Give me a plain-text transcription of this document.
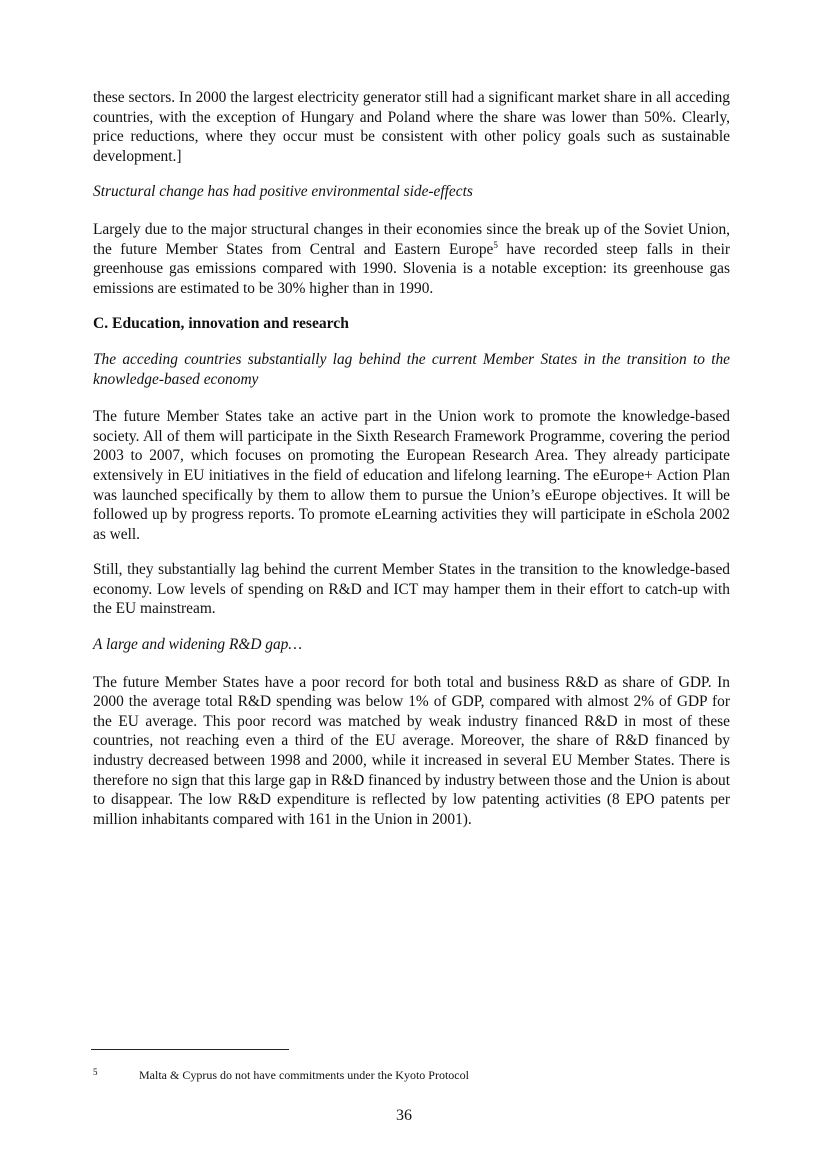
these sectors. In 2000 the largest electricity generator still had a significant market share in all acceding countries, with the exception of Hungary and Poland where the share was lower than 50%. Clearly, price reductions, where they occur must be consistent with other policy goals such as sustainable development.]

Structural change has had positive environmental side-effects

Largely due to the major structural changes in their economies since the break up of the Soviet Union, the future Member States from Central and Eastern Europe$^5$ have recorded steep falls in their greenhouse gas emissions compared with 1990. Slovenia is a notable exception: its greenhouse gas emissions are estimated to be 30% higher than in 1990.

C. Education, innovation and research

The acceding countries substantially lag behind the current Member States in the transition to the knowledge-based economy

The future Member States take an active part in the Union work to promote the knowledge-based society. All of them will participate in the Sixth Research Framework Programme, covering the period 2003 to 2007, which focuses on promoting the European Research Area. They already participate extensively in EU initiatives in the field of education and lifelong learning. The eEurope+ Action Plan was launched specifically by them to allow them to pursue the Union’s eEurope objectives. It will be followed up by progress reports. To promote eLearning activities they will participate in eSchola 2002 as well.

Still, they substantially lag behind the current Member States in the transition to the knowledge-based economy. Low levels of spending on R&D and ICT may hamper them in their effort to catch-up with the EU mainstream.

A large and widening R&D gap…

The future Member States have a poor record for both total and business R&D as share of GDP. In 2000 the average total R&D spending was below 1% of GDP, compared with almost 2% of GDP for the EU average. This poor record was matched by weak industry financed R&D in most of these countries, not reaching even a third of the EU average. Moreover, the share of R&D financed by industry decreased between 1998 and 2000, while it increased in several EU Member States. There is therefore no sign that this large gap in R&D financed by industry between those and the Union is about to disappear. The low R&D expenditure is reflected by low patenting activities (8 EPO patents per million inhabitants compared with 161 in the Union in 2001).

5	Malta & Cyprus do not have commitments under the Kyoto Protocol
36
